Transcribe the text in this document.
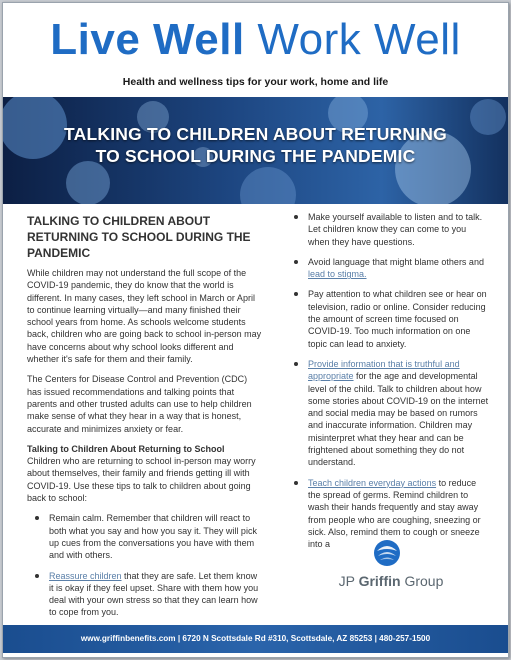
Live Well Work Well
Health and wellness tips for your work, home and life
TALKING TO CHILDREN ABOUT RETURNING
TO SCHOOL DURING THE PANDEMIC
TALKING TO CHILDREN ABOUT RETURNING TO SCHOOL DURING THE PANDEMIC

While children may not understand the full scope of the COVID-19 pandemic, they do know that the world is different. In many cases, they left school in March or April to continue learning virtually—and many finished their school years from home. As schools welcome students back, children who are going back to school in-person may have concerns about why school looks different and whether it's safe for them and their family.

The Centers for Disease Control and Prevention (CDC) has issued recommendations and talking points that parents and other trusted adults can use to help children make sense of what they hear in a way that is honest, accurate and minimizes anxiety or fear.

Talking to Children About Returning to School

Children who are returning to school in-person may worry about themselves, their family and friends getting ill with COVID-19. Use these tips to talk to children about going back to school:

Remain calm. Remember that children will react to both what you say and how you say it. They will pick up cues from the conversations you have with them and with others.
Reassure children that they are safe. Let them know it is okay if they feel upset. Share with them how you deal with your own stress so that they can learn how to cope from you.
Make yourself available to listen and to talk. Let children know they can come to you when they have questions.
Avoid language that might blame others and lead to stigma.
Pay attention to what children see or hear on television, radio or online. Consider reducing the amount of screen time focused on COVID-19. Too much information on one topic can lead to anxiety.
Provide information that is truthful and appropriate for the age and developmental level of the child. Talk to children about how some stories about COVID-19 on the internet and social media may be based on rumors and inaccurate information. Children may misinterpret what they hear and can be frightened about something they do not understand.
Teach children everyday actions to reduce the spread of germs. Remind children to wash their hands frequently and stay away from people who are coughing, sneezing or sick. Also, remind them to cough or sneeze into a
JP Griffin Group
www.griffinbenefits.com | 6720 N Scottsdale Rd #310, Scottsdale, AZ 85253 | 480-257-1500
